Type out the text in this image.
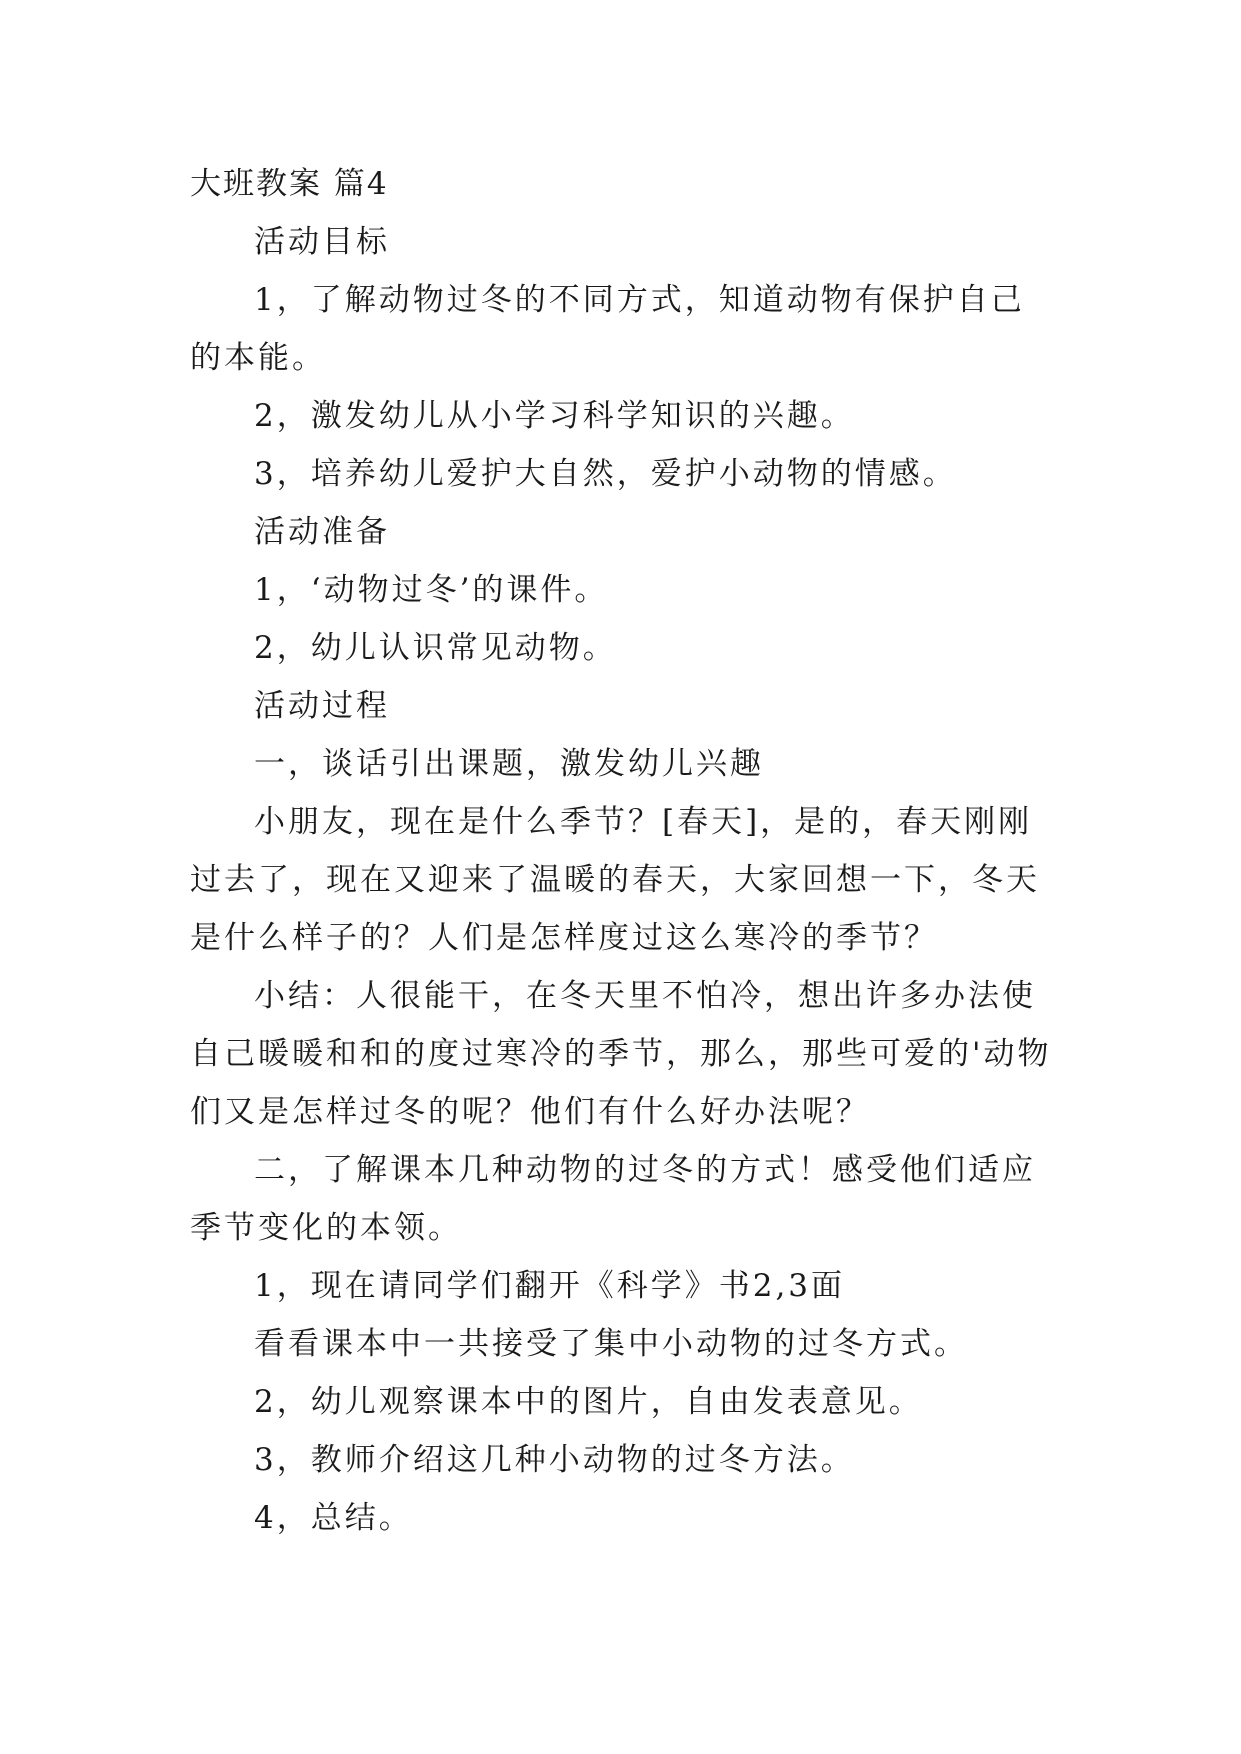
大班教案 篇4

活动目标

1，了解动物过冬的不同方式，知道动物有保护自己的本能。

2，激发幼儿从小学习科学知识的兴趣。

3，培养幼儿爱护大自然，爱护小动物的情感。

活动准备

1，‘动物过冬’的课件。

2，幼儿认识常见动物。

活动过程

一，谈话引出课题，激发幼儿兴趣

小朋友，现在是什么季节？[春天]，是的，春天刚刚过去了，现在又迎来了温暖的春天，大家回想一下，冬天是什么样子的？人们是怎样度过这么寒冷的季节？

小结：人很能干，在冬天里不怕冷，想出许多办法使自己暖暖和和的度过寒冷的季节，那么，那些可爱的'动物们又是怎样过冬的呢？他们有什么好办法呢？

二，了解课本几种动物的过冬的方式！感受他们适应季节变化的本领。

1，现在请同学们翻开《科学》书2,3面

看看课本中一共接受了集中小动物的过冬方式。

2，幼儿观察课本中的图片，自由发表意见。

3，教师介绍这几种小动物的过冬方法。

4，总结。
